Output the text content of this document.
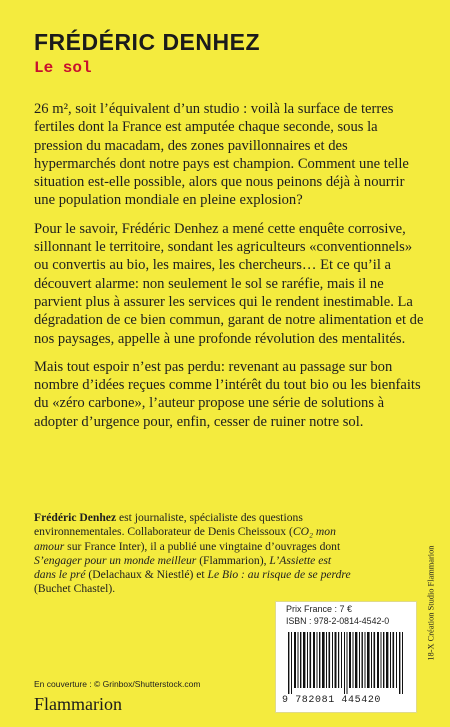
FRÉDÉRIC DENHEZ
Le sol

26 m², soit l’équivalent d’un studio : voilà la surface de terres fertiles dont la France est amputée chaque seconde, sous la pression du macadam, des zones pavillonnaires et des hypermarchés dont notre pays est champion. Comment une telle situation est-elle possible, alors que nous peinons déjà à nourrir une population mondiale en pleine explosion?

Pour le savoir, Frédéric Denhez a mené cette enquête corrosive, sillonnant le territoire, sondant les agriculteurs «conventionnels» ou convertis au bio, les maires, les chercheurs… Et ce qu’il a découvert alarme: non seulement le sol se raréfie, mais il ne parvient plus à assurer les services qui le rendent inestimable. La dégradation de ce bien commun, garant de notre alimentation et de nos paysages, appelle à une profonde révolution des mentalités.

Mais tout espoir n’est pas perdu: revenant au passage sur bon nombre d’idées reçues comme l’intérêt du tout bio ou les bienfaits du «zéro carbone», l’auteur propose une série de solutions à adopter d’urgence pour, enfin, cesser de ruiner notre sol.

Frédéric Denhez est journaliste, spécialiste des questions environnementales. Collaborateur de Denis Cheissoux (CO₂ mon amour sur France Inter), il a publié une vingtaine d’ouvrages dont S’engager pour un monde meilleur (Flammarion), L’Assiette est dans le pré (Delachaux & Niestlé) et Le Bio : au risque de se perdre (Buchet Chastel).
En couverture : © Grinbox/Shutterstock.com
Flammarion
18-X Création Studio Flammarion
Prix France : 7 €
ISBN : 978-2-0814-4542-0
9 782081 445420
